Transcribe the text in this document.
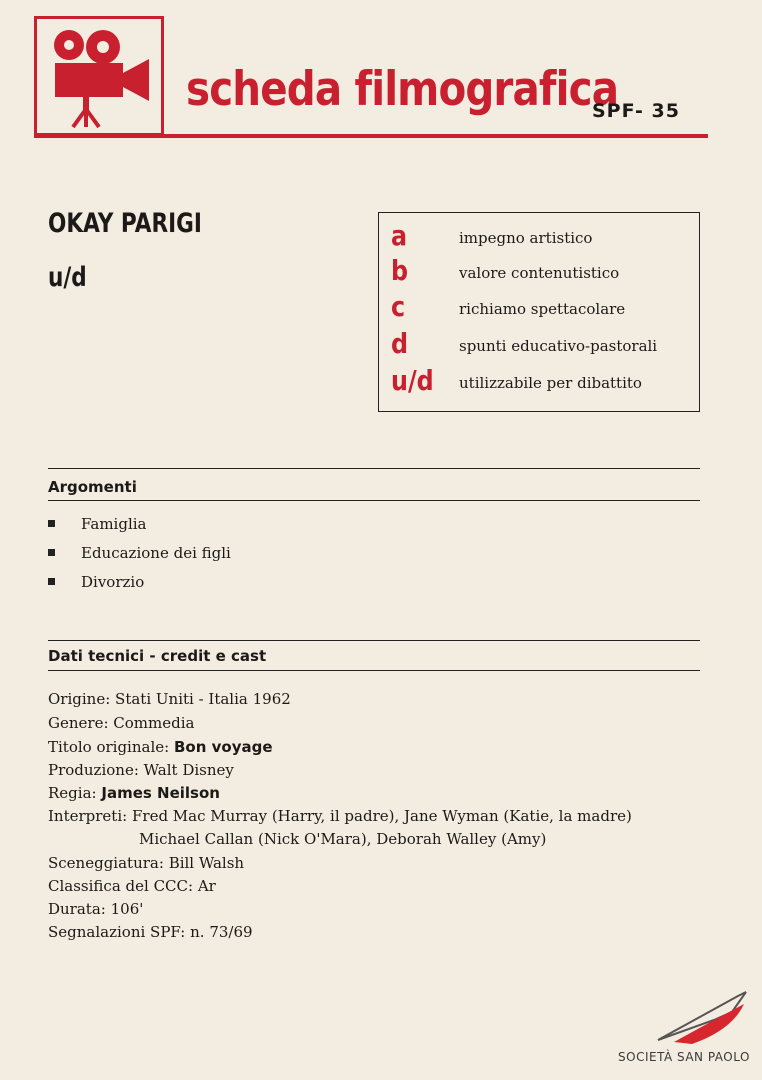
scheda filmografica
SPF- 35
OKAY PARIGI
u/d
a	impegno artistico
b	valore contenutistico
c	richiamo spettacolare
d	spunti educativo-pastorali
u/d utilizzabile per dibattito
Argomenti
Famiglia
Educazione dei figli
Divorzio
Dati tecnici - credit e cast
Origine: Stati Uniti - Italia 1962
Genere: Commedia
Titolo originale: Bon voyage
Produzione: Walt Disney
Regia: James Neilson
Interpreti: Fred Mac Murray (Harry, il padre), Jane Wyman (Katie, la madre)
Michael Callan (Nick O'Mara), Deborah Walley (Amy)
Sceneggiatura: Bill Walsh
Classifica del CCC: Ar
Durata: 106'
Segnalazioni SPF: n. 73/69
SOCIETÀ SAN PAOLO
